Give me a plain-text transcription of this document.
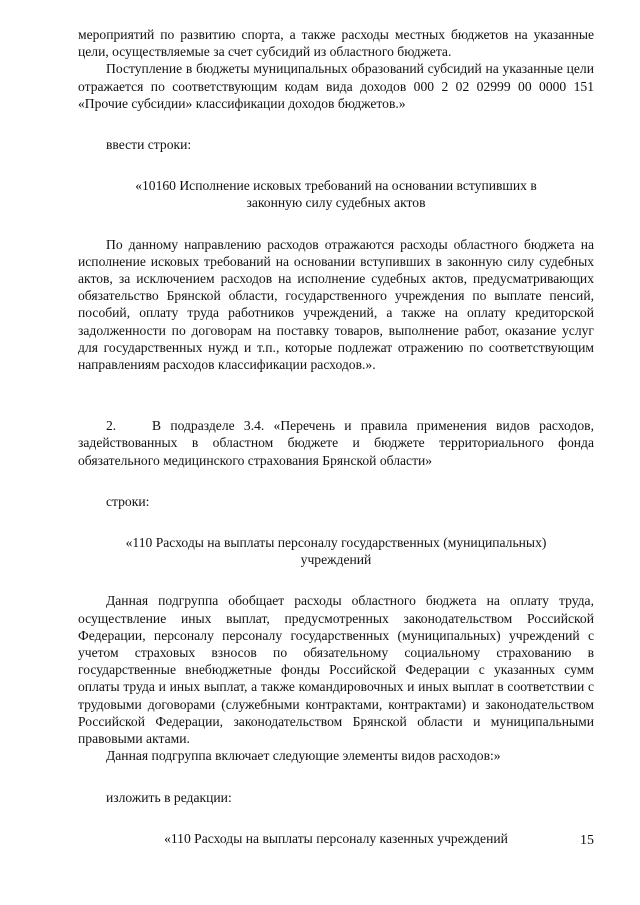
мероприятий по развитию спорта, а также расходы местных бюджетов на указанные цели, осуществляемые за счет субсидий из областного бюджета.

Поступление в бюджеты муниципальных образований субсидий на указанные цели отражается по соответствующим кодам вида доходов 000 2 02 02999 00 0000 151 «Прочие субсидии» классификации доходов бюджетов.»

ввести строки:

«10160 Исполнение исковых требований на основании вступивших в законную силу судебных актов

По данному направлению расходов отражаются расходы областного бюджета на исполнение исковых требований на основании вступивших в законную силу судебных актов, за исключением расходов на исполнение судебных актов, предусматривающих обязательство Брянской области, государственного учреждения по выплате пенсий, пособий, оплату труда работников учреждений, а также на оплату кредиторской задолженности по договорам на поставку товаров, выполнение работ, оказание услуг для государственных нужд и т.п., которые подлежат отражению по соответствующим направлениям расходов классификации расходов.».

2.	В подразделе 3.4. «Перечень и правила применения видов расходов, задействованных в областном бюджете и бюджете территориального фонда обязательного медицинского страхования Брянской области»

строки:

«110 Расходы на выплаты персоналу государственных (муниципальных) учреждений

Данная подгруппа обобщает расходы областного бюджета на оплату труда, осуществление иных выплат, предусмотренных законодательством Российской Федерации, персоналу персоналу государственных (муниципальных) учреждений с учетом страховых взносов по обязательному социальному страхованию в государственные внебюджетные фонды Российской Федерации с указанных сумм оплаты труда и иных выплат, а также командировочных и иных выплат в соответствии с трудовыми договорами (служебными контрактами, контрактами) и законодательством Российской Федерации, законодательством Брянской области и муниципальными правовыми актами.

Данная подгруппа включает следующие элементы видов расходов:»

изложить в редакции:

«110 Расходы на выплаты персоналу казенных учреждений	15
